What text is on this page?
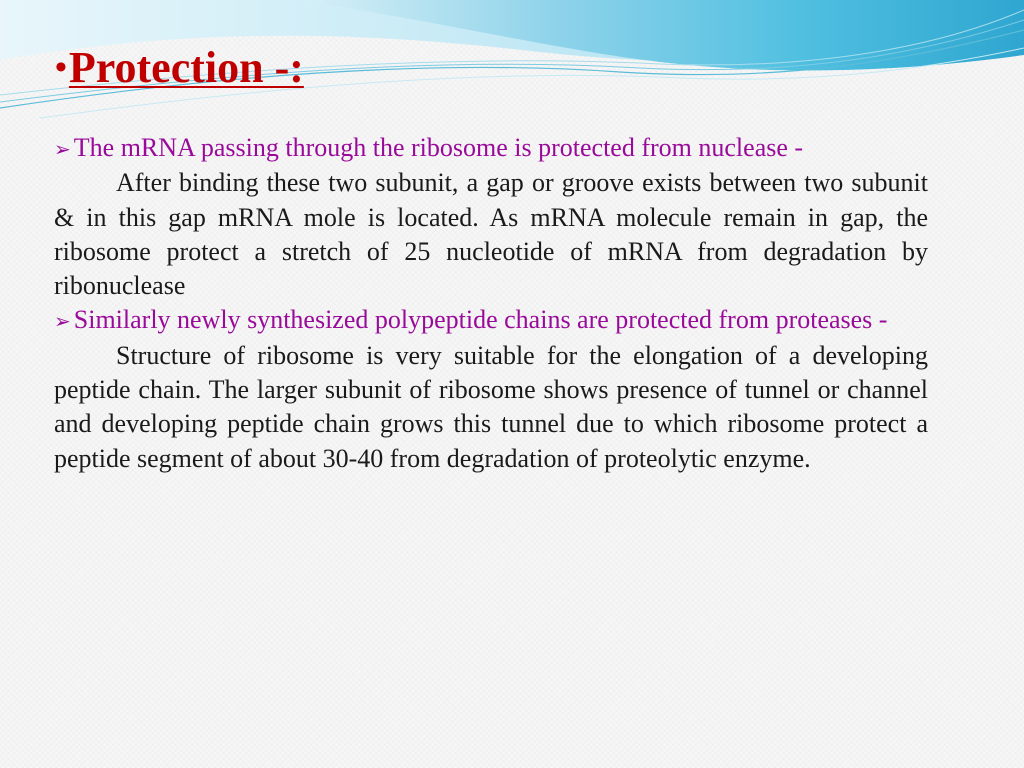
•Protection -:

➢ The mRNA passing through the ribosome is protected from nuclease -

After binding these two subunit, a gap or groove exists between two subunit & in this gap mRNA mole is located. As mRNA molecule remain in gap, the ribosome protect a stretch of 25 nucleotide of mRNA from degradation by ribonuclease

➢ Similarly newly synthesized polypeptide chains are protected from proteases -

Structure of ribosome is very suitable for the elongation of a developing peptide chain. The larger subunit of ribosome shows presence of tunnel or channel and developing peptide chain grows this tunnel due to which ribosome protect a peptide segment of about 30-40 from degradation of proteolytic enzyme.
